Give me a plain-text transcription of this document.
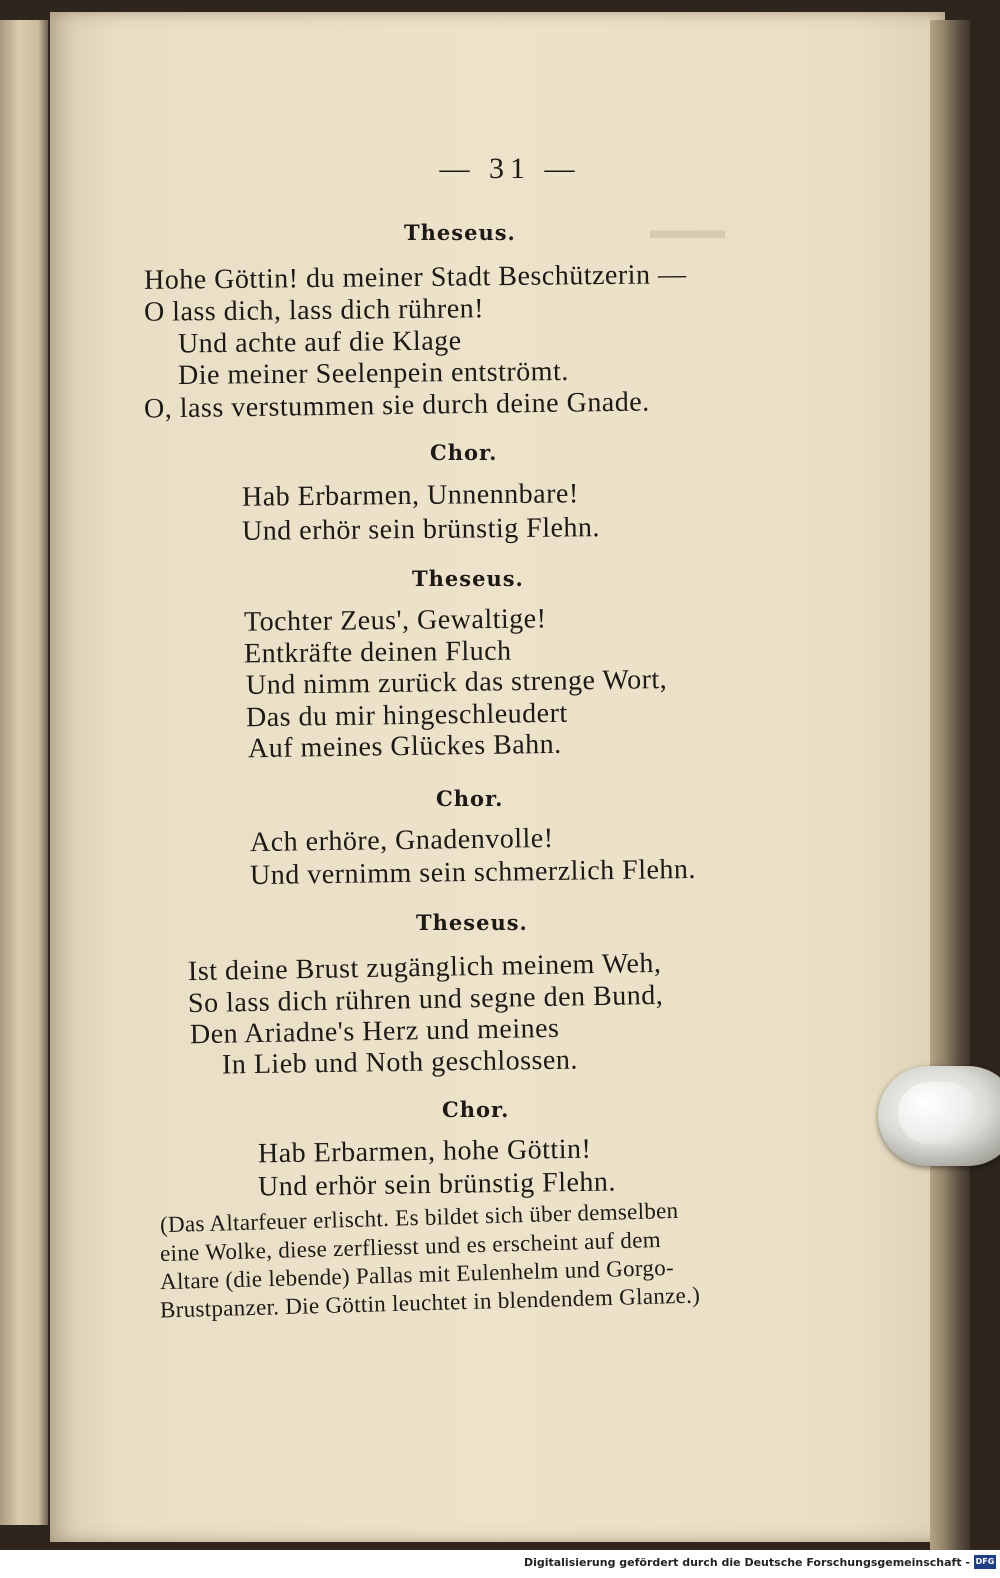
▬▬▬
— 31 —
Theseus.
Hohe Göttin! du meiner Stadt Beschützerin —
O lass dich, lass dich rühren!
Und achte auf die Klage
Die meiner Seelenpein entströmt.
O, lass verstummen sie durch deine Gnade.
Chor.
Hab Erbarmen, Unnennbare!
Und erhör sein brünstig Flehn.
Theseus.
Tochter Zeus', Gewaltige!
Entkräfte deinen Fluch
Und nimm zurück das strenge Wort,
Das du mir hingeschleudert
Auf meines Glückes Bahn.
Chor.
Ach erhöre, Gnadenvolle!
Und vernimm sein schmerzlich Flehn.
Theseus.
Ist deine Brust zugänglich meinem Weh,
So lass dich rühren und segne den Bund,
Den Ariadne's Herz und meines
In Lieb und Noth geschlossen.
Chor.
Hab Erbarmen, hohe Göttin!
Und erhör sein brünstig Flehn.
(Das Altarfeuer erlischt. Es bildet sich über demselben
eine Wolke, diese zerfliesst und es erscheint auf dem
Altare (die lebende) Pallas mit Eulenhelm und Gorgo-
Brustpanzer. Die Göttin leuchtet in blendendem Glanze.)
Digitalisierung gefördert durch die Deutsche Forschungsgemeinschaft - DFG
